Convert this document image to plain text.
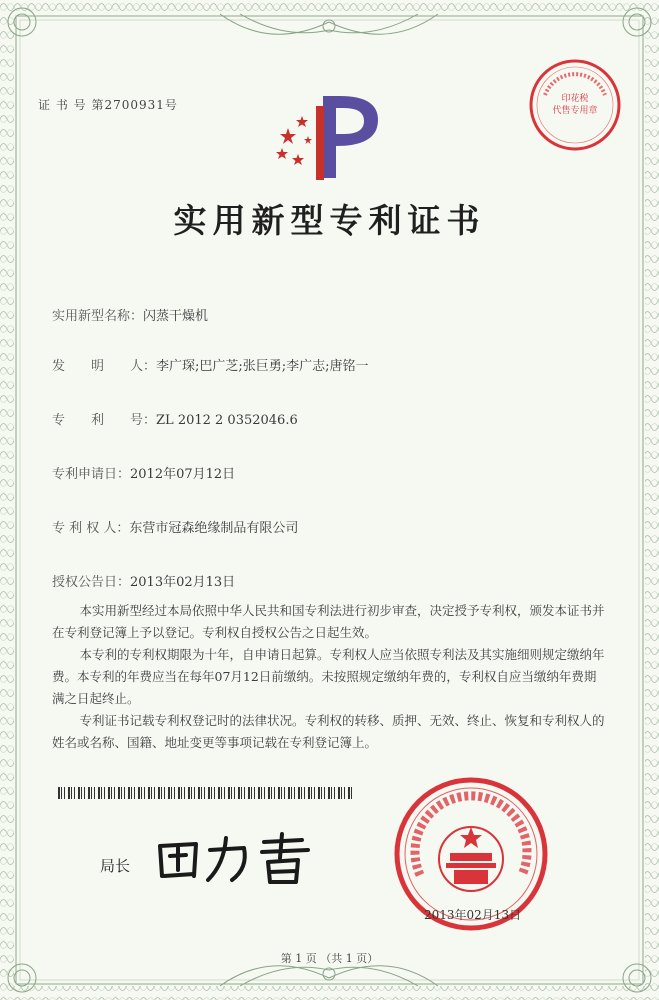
证 书 号 第2700931号	印花税
代售专用章
实用新型专利证书
实用新型名称：闪蒸干燥机
发　　明　　人：李广琛;巴广芝;张巨勇;李广志;唐铭一
专　　利　　号：ZL 2012 2 0352046.6
专利申请日：2012年07月12日
专 利 权 人：东营市冠森绝缘制品有限公司
授权公告日：2013年02月13日

本实用新型经过本局依照中华人民共和国专利法进行初步审查，决定授予专利权，颁发本证书并在专利登记簿上予以登记。专利权自授权公告之日起生效。

本专利的专利权期限为十年，自申请日起算。专利权人应当依照专利法及其实施细则规定缴纳年费。本专利的年费应当在每年07月12日前缴纳。未按照规定缴纳年费的，专利权自应当缴纳年费期满之日起终止。

专利证书记载专利权登记时的法律状况。专利权的转移、质押、无效、终止、恢复和专利权人的姓名或名称、国籍、地址变更等事项记载在专利登记簿上。

局长
2013年02月13日
第 1 页 （共 1 页）
